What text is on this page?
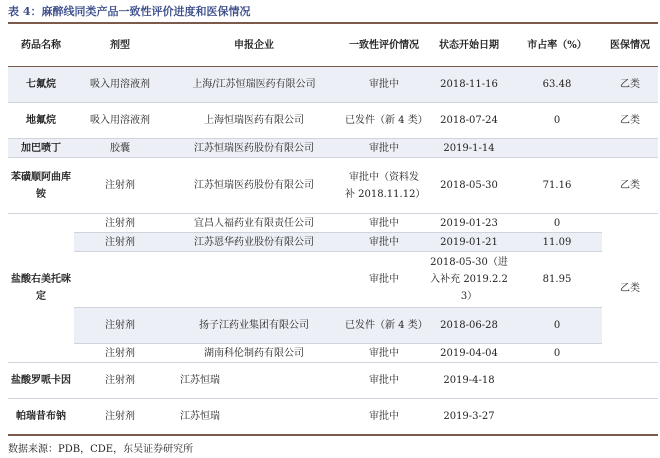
表 4：麻醉线同类产品一致性评价进度和医保情况
药品名称	剂型	申报企业	一致性评价情况	状态开始日期	市占率（%）	医保情况
七氟烷	吸入用溶液剂	上海/江苏恒瑞医药有限公司	审批中	2018-11-16	63.48	乙类
地氟烷	吸入用溶液剂	上海恒瑞医药有限公司	已发件（新 4 类）	2018-07-24	0	乙类
加巴喷丁	胶囊	江苏恒瑞医药股份有限公司	审批中	2019-1-14		
苯磺顺阿曲库铵	注射剂	江苏恒瑞医药股份有限公司	审批中（资料发补 2018.11.12）	2018-05-30	71.16	乙类
盐酸右美托咪定	注射剂	宜昌人福药业有限责任公司	审批中	2019-01-23	0	乙类
	注射剂	江苏恩华药业股份有限公司	审批中	2019-01-21	11.09	
			审批中	2018-05-30（进入补充 2019.2.23）	81.95	
	注射剂	扬子江药业集团有限公司	已发件（新 4 类）	2018-06-28	0	
	注射剂	湖南科伦制药有限公司	审批中	2019-04-04	0	
盐酸罗哌卡因	注射剂	江苏恒瑞	审批中	2019-4-18		
帕瑞昔布钠	注射剂	江苏恒瑞	审批中	2019-3-27		
数据来源：PDB，CDE，东吴证券研究所
